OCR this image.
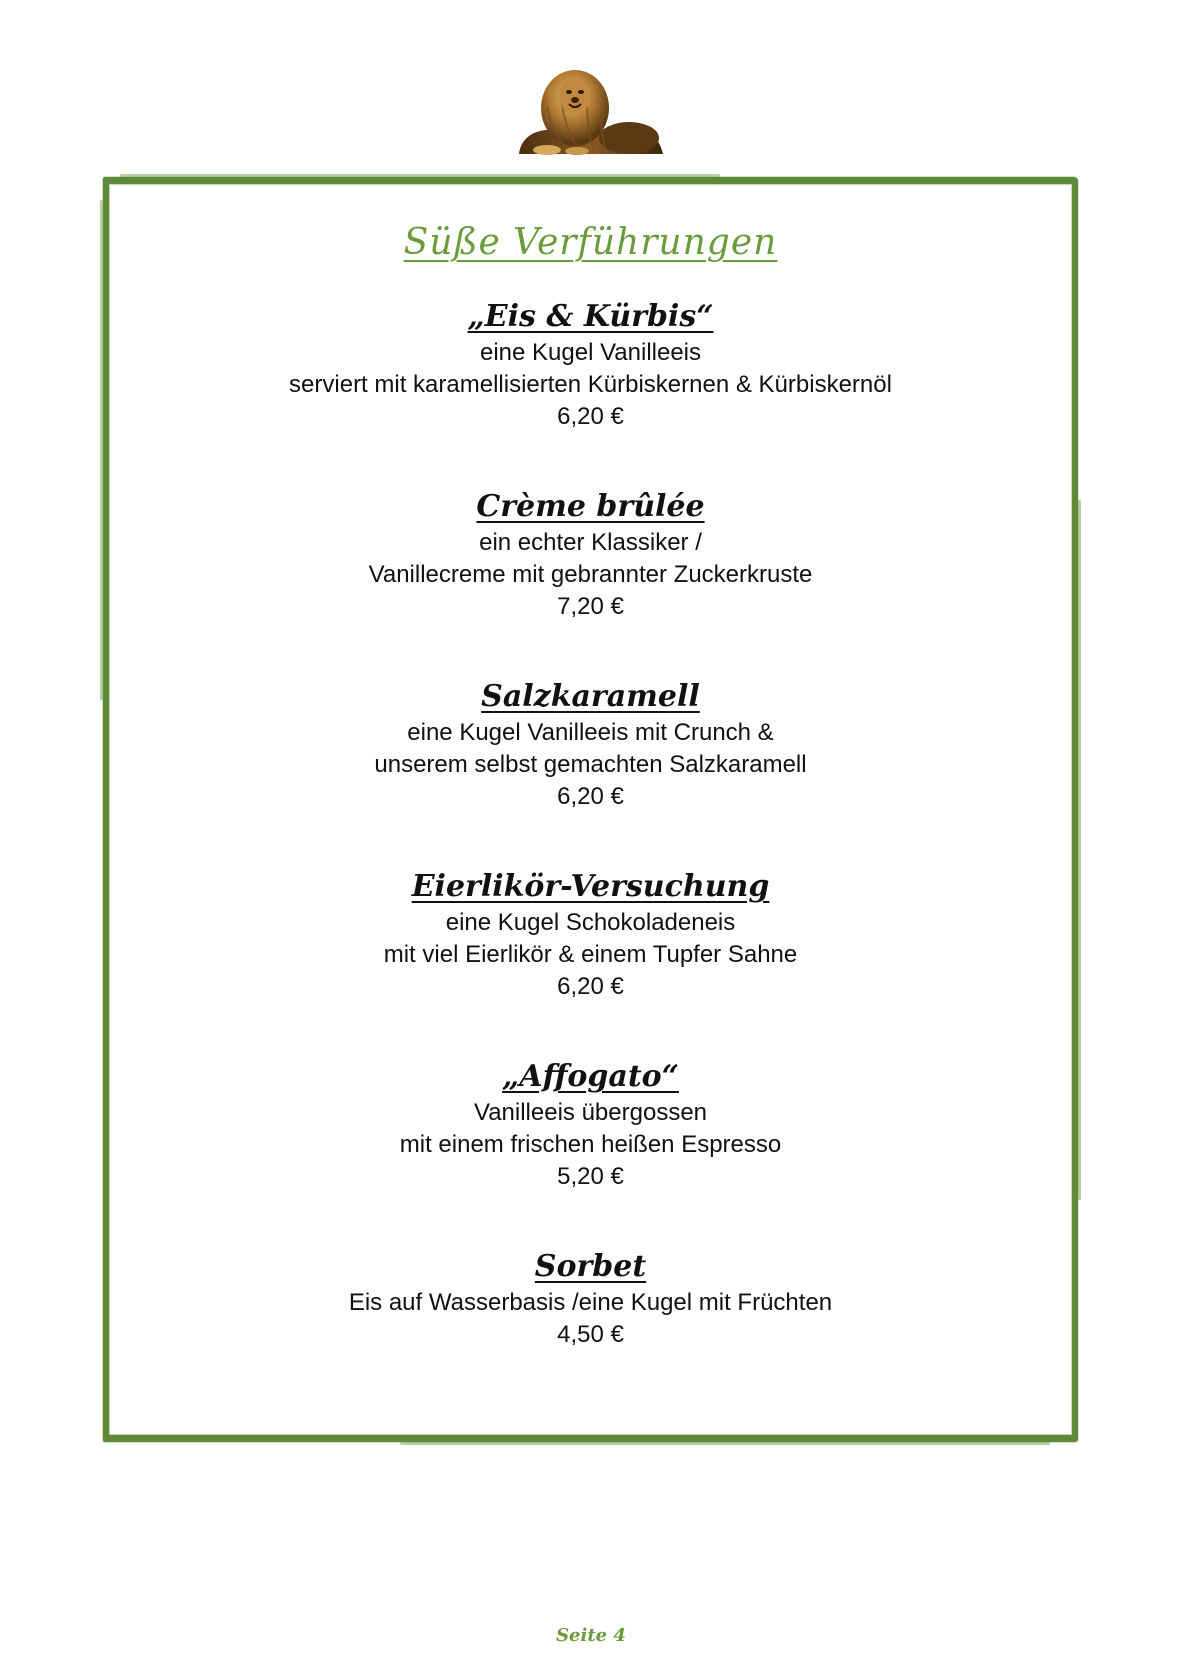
Süße Verführungen
„Eis & Kürbis“
eine Kugel Vanilleeis
serviert mit karamellisierten Kürbiskernen & Kürbiskernöl
6,20 €
Crème brûlée
ein echter Klassiker /
Vanillecreme mit gebrannter Zuckerkruste
7,20 €
Salzkaramell
eine Kugel Vanilleeis mit Crunch &
unserem selbst gemachten Salzkaramell
6,20 €
Eierlikör-Versuchung
eine Kugel Schokoladeneis
mit viel Eierlikör & einem Tupfer Sahne
6,20 €
„Affogato“
Vanilleeis übergossen
mit einem frischen heißen Espresso
5,20 €
Sorbet
Eis auf Wasserbasis /eine Kugel mit Früchten
4,50 €
Seite 4
